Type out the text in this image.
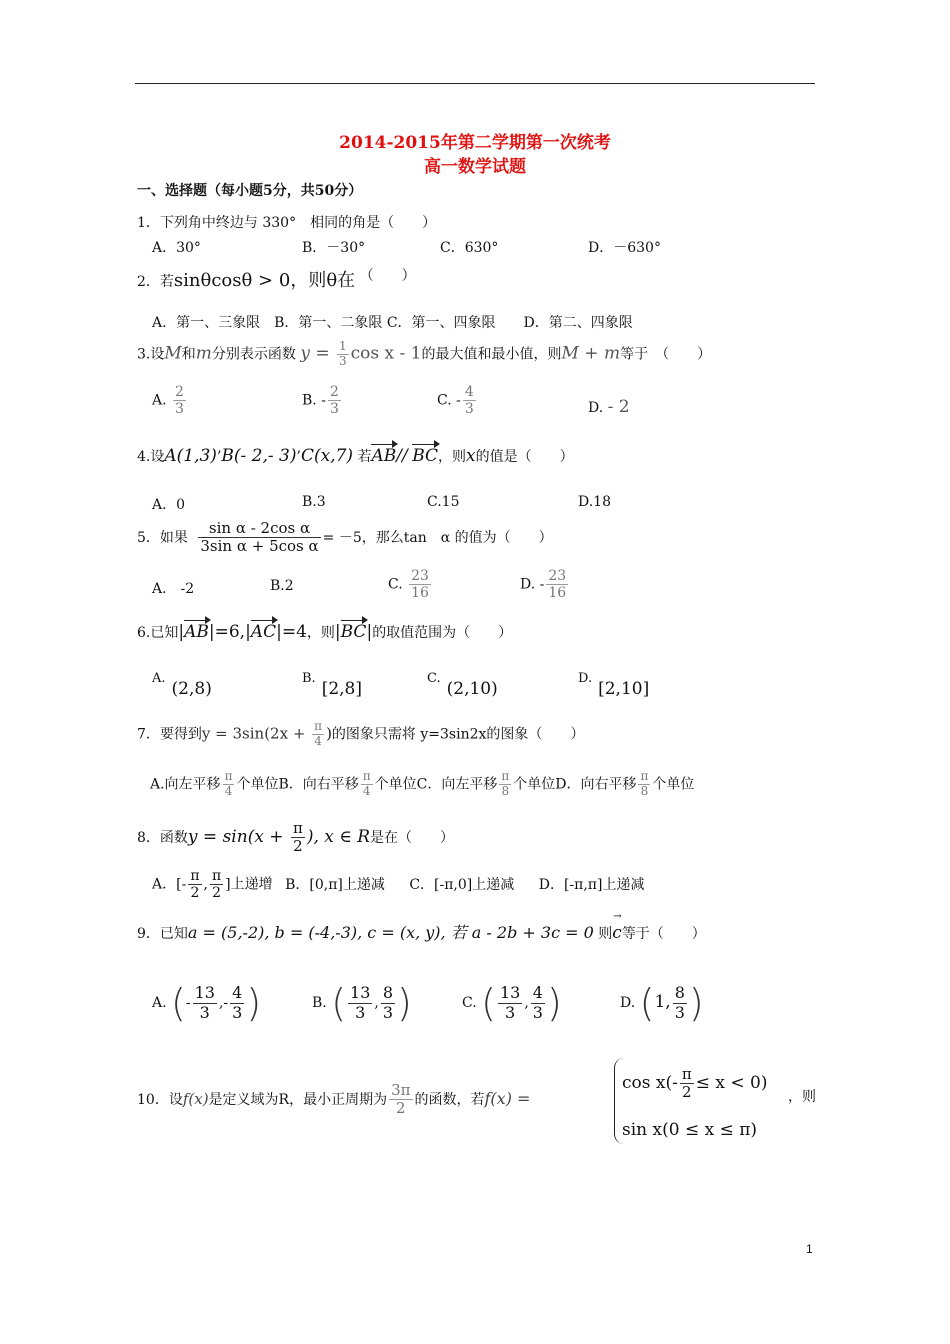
2014-2015年第二学期第一次统考
高一数学试题
一、选择题（每小题5分，共50分）
1．下列角中终边与 330°　相同的角是（　　）
A．30°	B．－30°	C．630°	D．－630°
2．若sinθcosθ > 0，则θ在 （　　）
A．第一、三象限　B．第一、二象限 C．第一、四象限　　D．第二、四象限
3.设M和m分别表示函数 $y = \frac{1}{3}$ cos x - 1的最大值和最小值，则M + m等于　（　　）
A. $\frac{2}{3}$	B. - $\frac{2}{3}$	C. - $\frac{4}{3}$	D. - 2
4.设A(1,3)’B(- 2,- 3)’C(x,7) 若AB// BC，则x的值是（　　）
A．0	B.3	C.15	D.18
5．如果 $\frac{\text{sin α - 2cos α}}{\text{3sin α + 5cos α}} = -5$，那么tan　α 的值为（　　）
A． -2	B.2	C. $\frac{23}{16}$	D. - $\frac{23}{16}$
6.已知|AB|=6,|AC|=4，则|BC|的取值范围为（　　）
A.(2,8)
B.[2,8]
C.(2,10)
D.[2,10]
7．要得到$y = 3\sin(2x + \frac{\pi}{4}$ )的图象只需将 y=3sin2x的图象（　　）
A.向左平移 $\frac{\pi}{4}$ 个单位B．向右平移 $\frac{\pi}{4}$ 个单位C．向左平移 $\frac{\pi}{8}$ 个单位D．向右平移 $\frac{\pi}{8}$ 个单位
8．函数$y = \sin(x + \frac{\pi}{2}$ ), x ∈ R是在（　　）
A．[- $\frac{\pi}{2}$ , $\frac{\pi}{2}$ ]上递增 B．[0,π]上递减 C．[-π,0]上递减 D．[-π,π]上递减
9．已知a = (5,-2), b = (-4,-3), c = (x, y), 若 a - 2b + 3c = 0 则c →等于（　　）
A. (- $\frac{13}{3}$ ,- $\frac{4}{3}$ )	B. ( $\frac{13}{3}$ , $\frac{8}{3}$ )	C. ( $\frac{13}{3}$ , $\frac{4}{3}$ )	D. (1, $\frac{8}{3}$ )
10．设f(x)是定义域为R，最小正周期为 $\frac{3\pi}{2}$ 的函数，若f(x) =
$\cos x(- \frac{\pi}{2} \le x < 0)$
，则
sin x(0 ≤ x ≤ π)
1
